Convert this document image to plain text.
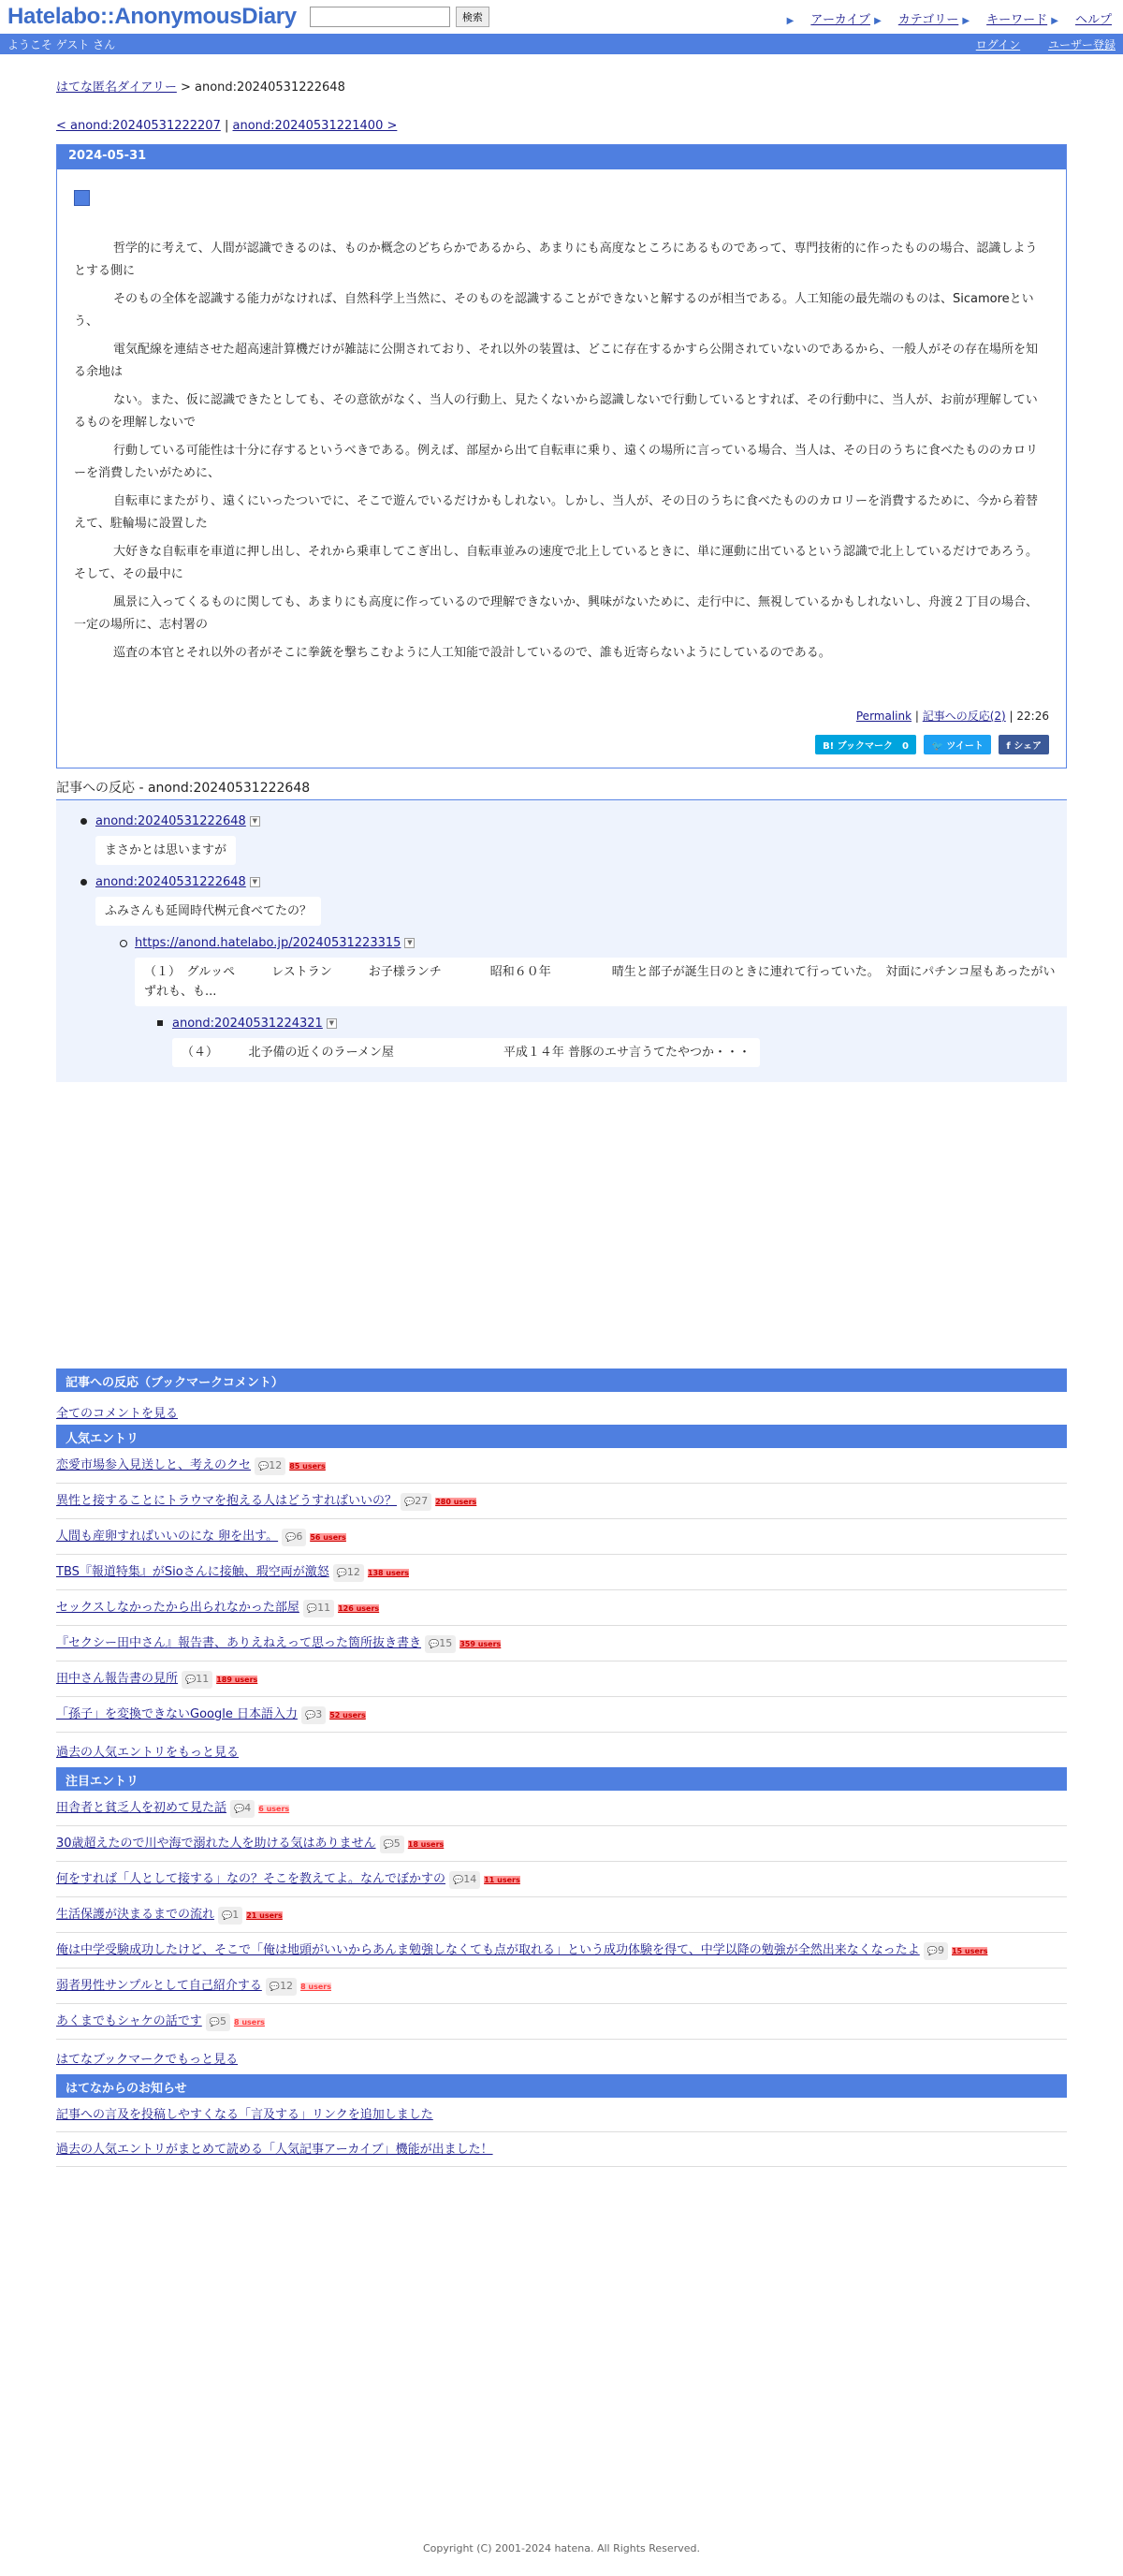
Hatelabo::AnonymousDiary	検索	▶ アーカイブ ▶ カテゴリー ▶ キーワード ▶ ヘルプ
ようこそ ゲスト さん	ログイン ユーザー登録
はてな匿名ダイアリー > anond:20240531222648
< anond:20240531222207 | anond:20240531221400 >
2024-05-31

哲学的に考えて、人間が認識できるのは、ものか概念のどちらかであるから、あまりにも高度なところにあるものであって、専門技術的に作ったものの場合、認識しようとする側に

そのもの全体を認識する能力がなければ、自然科学上当然に、そのものを認識することができないと解するのが相当である。人工知能の最先端のものは、Sicamoreという、

電気配線を連結させた超高速計算機だけが雑誌に公開されており、それ以外の装置は、どこに存在するかすら公開されていないのであるから、一般人がその存在場所を知る余地は

ない。また、仮に認識できたとしても、その意欲がなく、当人の行動上、見たくないから認識しないで行動しているとすれば、その行動中に、当人が、お前が理解しているものを理解しないで

行動している可能性は十分に存するというべきである。例えば、部屋から出て自転車に乗り、遠くの場所に言っている場合、当人は、その日のうちに食べたもののカロリーを消費したいがために、

自転車にまたがり、遠くにいったついでに、そこで遊んでいるだけかもしれない。しかし、当人が、その日のうちに食べたもののカロリーを消費するために、今から着替えて、駐輪場に設置した

大好きな自転車を車道に押し出し、それから乗車してこぎ出し、自転車並みの速度で北上しているときに、単に運動に出ているという認識で北上しているだけであろう。そして、その最中に

風景に入ってくるものに関しても、あまりにも高度に作っているので理解できないか、興味がないために、走行中に、無視しているかもしれないし、舟渡２丁目の場合、一定の場所に、志村署の

巡査の本官とそれ以外の者がそこに拳銃を撃ちこむように人工知能で設計しているので、誰も近寄らないようにしているのである。

Permalink | 記事への反応(2) | 22:26
B! ブックマーク　0 🐦 ツイート f シェア
記事への反応 - anond:20240531222648
anond:20240531222648 ▼
まさかとは思いますが
anond:20240531222648 ▼
ふみさんも延岡時代桝元食べてたの？
https://anond.hatelabo.jp/20240531223315 ▼

（１）　グルッペ　　　レストラン　　　お子様ランチ　　　　昭和６０年　　　　　晴生と部子が誕生日のときに連れて行っていた。　対面にパチンコ屋もあったがいずれも、も...
anond:20240531224321 ▼
（４）　　　北予備の近くのラーメン屋　　　　　　　　　平成１４年 普豚のエサ言うてたやつか・・・
記事への反応（ブックマークコメント）
全てのコメントを見る
人気エントリ
恋愛市場参入見送しと、考えのクセ 💬12 85 users
異性と接することにトラウマを抱える人はどうすればいいの？ 💬27 280 users
人間も産卵すればいいのにな 卵を出す。 💬6 56 users
TBS『報道特集』がSioさんに接触、瑕空両が激怒 💬12 138 users
セックスしなかったから出られなかった部屋 💬11 126 users
『セクシー田中さん』報告書、ありえねえって思った箇所抜き書き 💬15 359 users
田中さん報告書の見所 💬11 189 users
「孫子」を変換できないGoogle 日本語入力 💬3 52 users
過去の人気エントリをもっと見る
注目エントリ
田舎者と貧乏人を初めて見た話 💬4 6 users
30歳超えたので川や海で溺れた人を助ける気はありません 💬5 18 users
何をすれば「人として接する」なの？そこを教えてよ。なんでぼかすの 💬14 11 users
生活保護が決まるまでの流れ 💬1 21 users
俺は中学受験成功したけど、そこで「俺は地頭がいいからあんま勉強しなくても点が取れる」という成功体験を得て、中学以降の勉強が全然出来なくなったよ 💬9 15 users
弱者男性サンプルとして自己紹介する 💬12 8 users
あくまでもシャケの話です 💬5 8 users
はてなブックマークでもっと見る
はてなからのお知らせ
記事への言及を投稿しやすくなる「言及する」リンクを追加しました
過去の人気エントリがまとめて読める「人気記事アーカイブ」機能が出ました！
Copyright (C) 2001-2024 hatena. All Rights Reserved.
